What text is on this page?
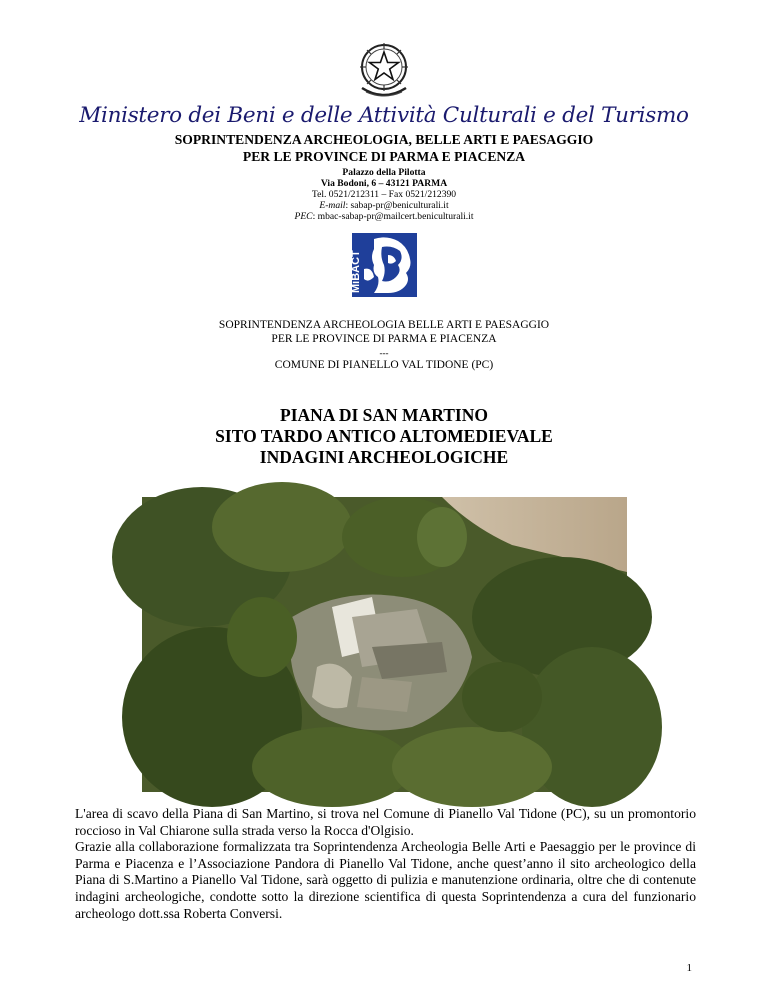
Ministero dei Beni e delle Attività Culturali e del Turismo
SOPRINTENDENZA ARCHEOLOGIA, BELLE ARTI E PAESAGGIO
PER LE PROVINCE DI PARMA E PIACENZA
Palazzo della Pilotta
Via Bodoni, 6 – 43121 PARMA
Tel. 0521/212311 – Fax 0521/212390
E-mail: sabap-pr@beniculturali.it
PEC: mbac-sabap-pr@mailcert.beniculturali.it
MiBACT
SOPRINTENDENZA ARCHEOLOGIA BELLE ARTI E PAESAGGIO
PER LE PROVINCE DI PARMA E PIACENZA
---
COMUNE DI PIANELLO VAL TIDONE (PC)
PIANA DI SAN MARTINO
SITO TARDO ANTICO ALTOMEDIEVALE
INDAGINI ARCHEOLOGICHE

L'area di scavo della Piana di San Martino, si trova nel Comune di Pianello Val Tidone (PC), su un promontorio roccioso in Val Chiarone sulla strada verso la Rocca d'Olgisio.

Grazie alla collaborazione formalizzata tra Soprintendenza Archeologia Belle Arti e Paesaggio per le province di Parma e Piacenza e l’Associazione Pandora di Pianello Val Tidone, anche quest’anno il sito archeologico della Piana di S.Martino a Pianello Val Tidone, sarà oggetto di pulizia e manutenzione ordinaria, oltre che di contenute indagini archeologiche, condotte sotto la direzione scientifica di questa Soprintendenza a cura del funzionario archeologo dott.ssa Roberta Conversi.

1
